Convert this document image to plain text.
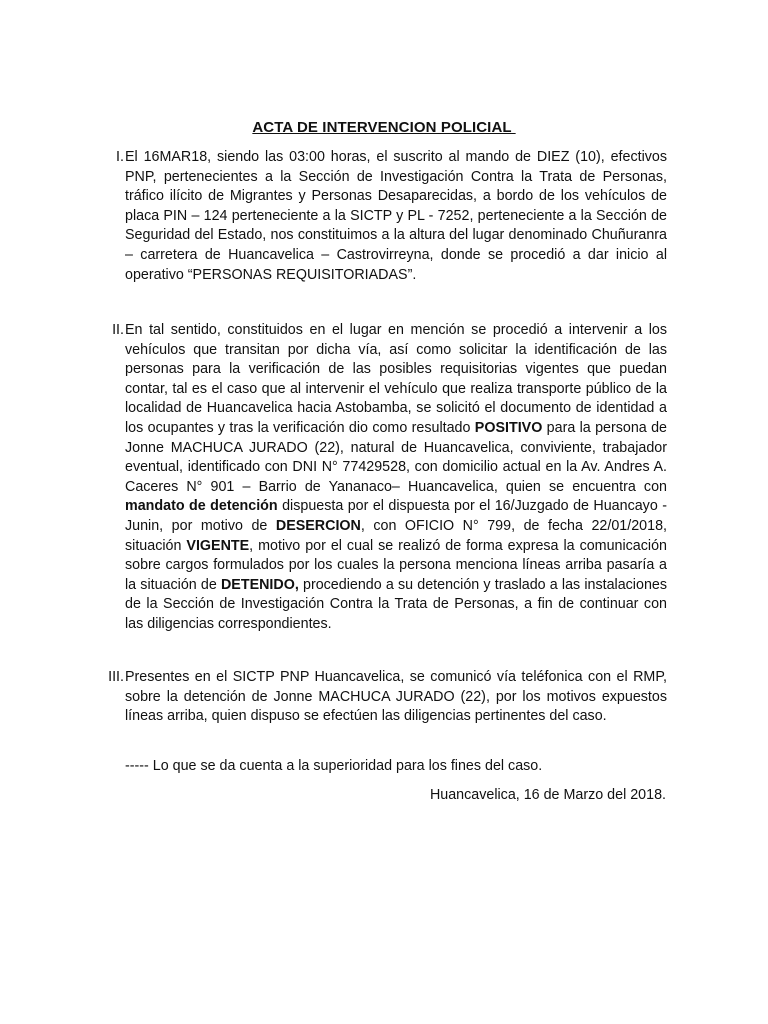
ACTA DE INTERVENCION POLICIAL
I. El 16MAR18, siendo las 03:00 horas, el suscrito al mando de DIEZ (10), efectivos PNP, pertenecientes a la Sección de Investigación Contra la Trata de Personas, tráfico ilícito de Migrantes y Personas Desaparecidas, a bordo de los vehículos de placa PIN – 124 perteneciente a la SICTP y PL - 7252, perteneciente a la Sección de Seguridad del Estado, nos constituimos a la altura del lugar denominado Chuñuranra – carretera de Huancavelica – Castrovirreyna, donde se procedió a dar inicio al operativo “PERSONAS REQUISITORIADAS”.
II. En tal sentido, constituidos en el lugar en mención se procedió a intervenir a los vehículos que transitan por dicha vía, así como solicitar la identificación de las personas para la verificación de las posibles requisitorias vigentes que puedan contar, tal es el caso que al intervenir el vehículo que realiza transporte público de la localidad de Huancavelica hacia Astobamba, se solicitó el documento de identidad a los ocupantes y tras la verificación dio como resultado POSITIVO para la persona de Jonne MACHUCA JURADO (22), natural de Huancavelica, conviviente, trabajador eventual, identificado con DNI N° 77429528, con domicilio actual en la Av. Andres A. Caceres N° 901 – Barrio de Yananaco– Huancavelica, quien se encuentra con mandato de detención dispuesta por el dispuesta por el 16/Juzgado de Huancayo - Junin, por motivo de DESERCION, con OFICIO N° 799, de fecha 22/01/2018, situación VIGENTE, motivo por el cual se realizó de forma expresa la comunicación sobre cargos formulados por los cuales la persona menciona líneas arriba pasaría a la situación de DETENIDO, procediendo a su detención y traslado a las instalaciones de la Sección de Investigación Contra la Trata de Personas, a fin de continuar con las diligencias correspondientes.
III. Presentes en el SICTP PNP Huancavelica, se comunicó vía teléfonica con el RMP, sobre la detención de Jonne MACHUCA JURADO (22), por los motivos expuestos líneas arriba, quien dispuso se efectúen las diligencias pertinentes del caso.
----- Lo que se da cuenta a la superioridad para los fines del caso.
Huancavelica, 16 de Marzo del 2018.
